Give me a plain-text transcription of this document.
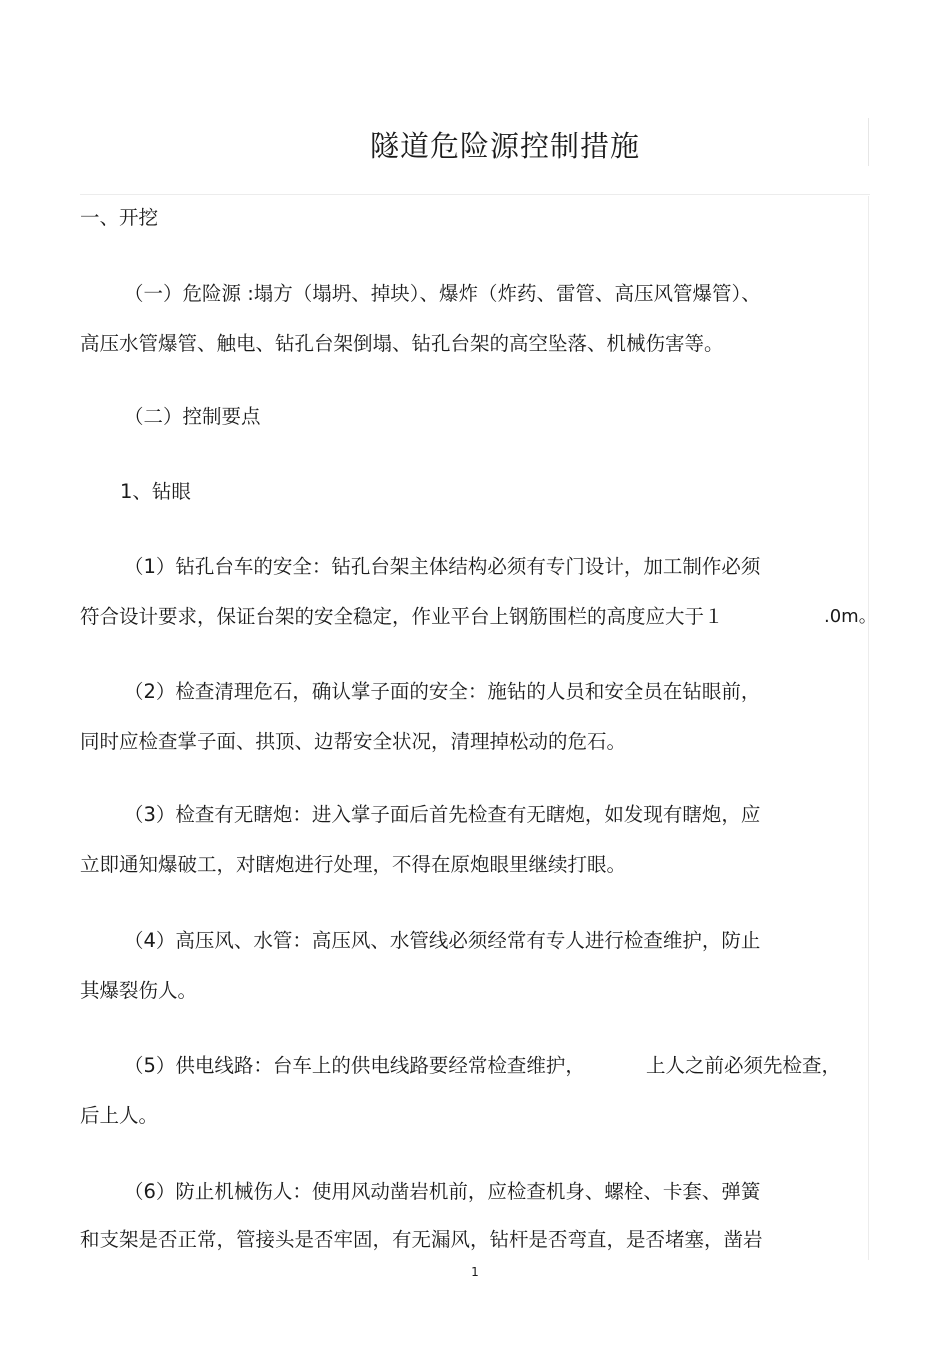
隧道危险源控制措施
一、开挖
（一）危险源 :塌方（塌坍、掉块）、爆炸（炸药、雷管、高压风管爆管）、
高压水管爆管、触电、钻孔台架倒塌、钻孔台架的高空坠落、机械伤害等。
（二）控制要点
1、钻眼
（1）钻孔台车的安全：钻孔台架主体结构必须有专门设计，加工制作必须
符合设计要求，保证台架的安全稳定，作业平台上钢筋围栏的高度应大于１	.0m。
（2）检查清理危石，确认掌子面的安全：施钻的人员和安全员在钻眼前，
同时应检查掌子面、拱顶、边帮安全状况，清理掉松动的危石。
（3）检查有无瞎炮：进入掌子面后首先检查有无瞎炮，如发现有瞎炮，应
立即通知爆破工，对瞎炮进行处理，不得在原炮眼里继续打眼。
（4）高压风、水管：高压风、水管线必须经常有专人进行检查维护，防止
其爆裂伤人。
（5）供电线路：台车上的供电线路要经常检查维护，	上人之前必须先检查，
后上人。
（6）防止机械伤人：使用风动凿岩机前，应检查机身、螺栓、卡套、弹簧
和支架是否正常，管接头是否牢固，有无漏风，钻杆是否弯直，是否堵塞，凿岩
1
